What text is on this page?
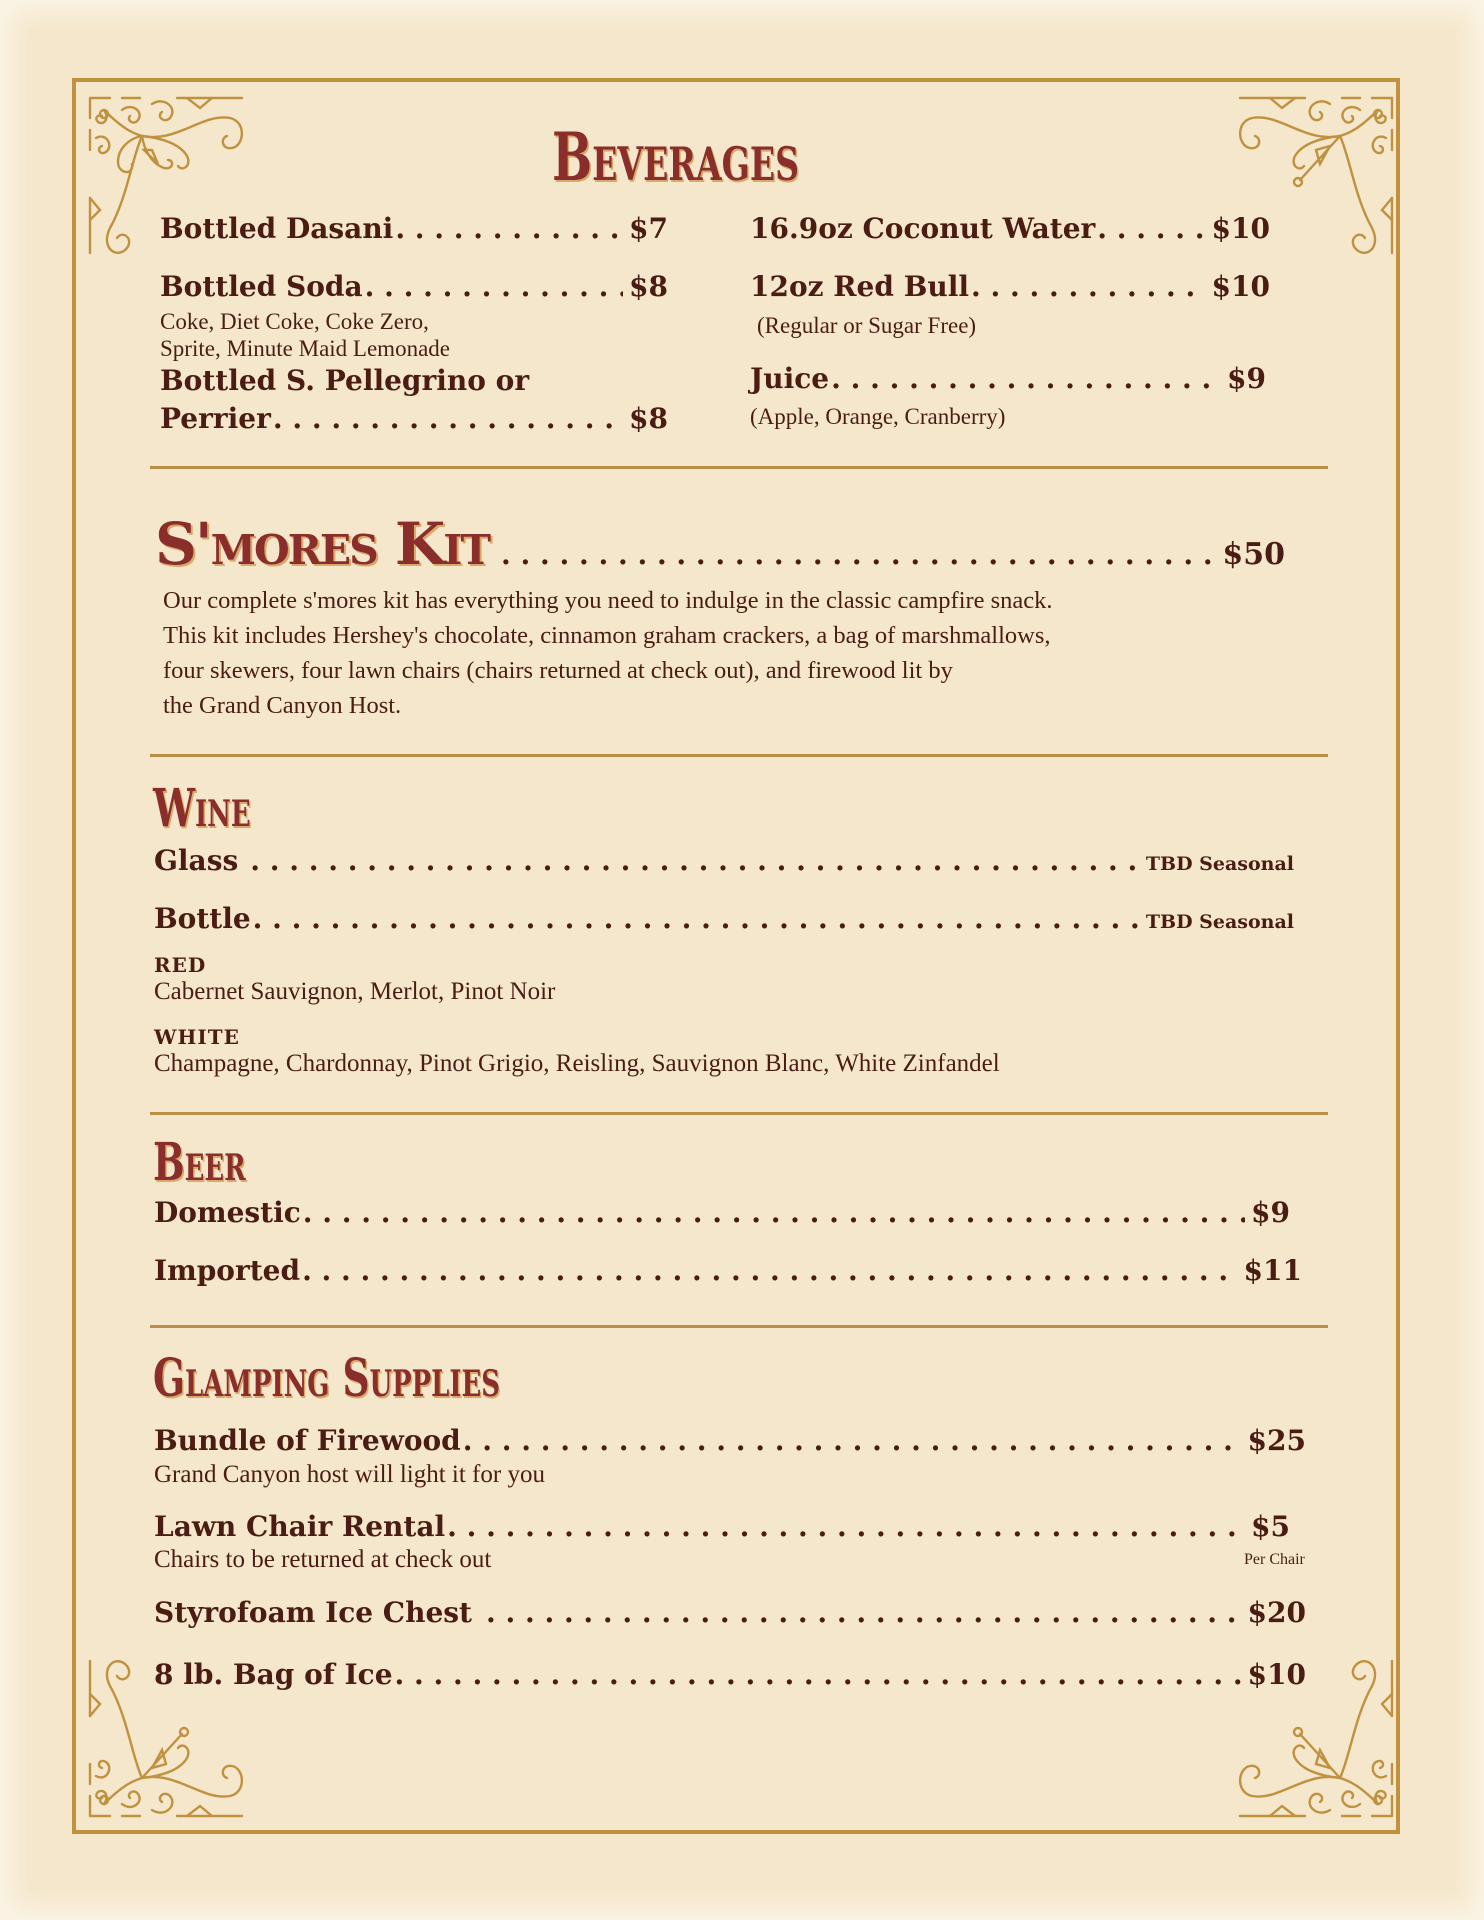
Beverages
Bottled Dasani . . .	$7
Bottled Soda . . .	$8
Coke, Diet Coke, Coke Zero,
Sprite, Minute Maid Lemonade
Bottled S. Pellegrino or
Perrier . . .	$8
16.9oz Coconut Water . . .	$10
12oz Red Bull . . .	$10
(Regular or Sugar Free)
Juice . . .	$9
(Apple, Orange, Cranberry)
S'mores Kit . . .	$50
Our complete s'mores kit has everything you need to indulge in the classic campfire snack.
This kit includes Hershey's chocolate, cinnamon graham crackers, a bag of marshmallows,
four skewers, four lawn chairs (chairs returned at check out), and firewood lit by
the Grand Canyon Host.
Wine
Glass . . .	TBD Seasonal
Bottle . . .	TBD Seasonal
RED
Cabernet Sauvignon, Merlot, Pinot Noir
WHITE
Champagne, Chardonnay, Pinot Grigio, Reisling, Sauvignon Blanc, White Zinfandel
Beer
Domestic . . .	$9
Imported . . .	$11
Glamping Supplies
Bundle of Firewood . . .	$25
Grand Canyon host will light it for you
Lawn Chair Rental . . .	$5
Chairs to be returned at check out	Per Chair
Styrofoam Ice Chest . . .	$20
8 lb. Bag of Ice . . .	$10
